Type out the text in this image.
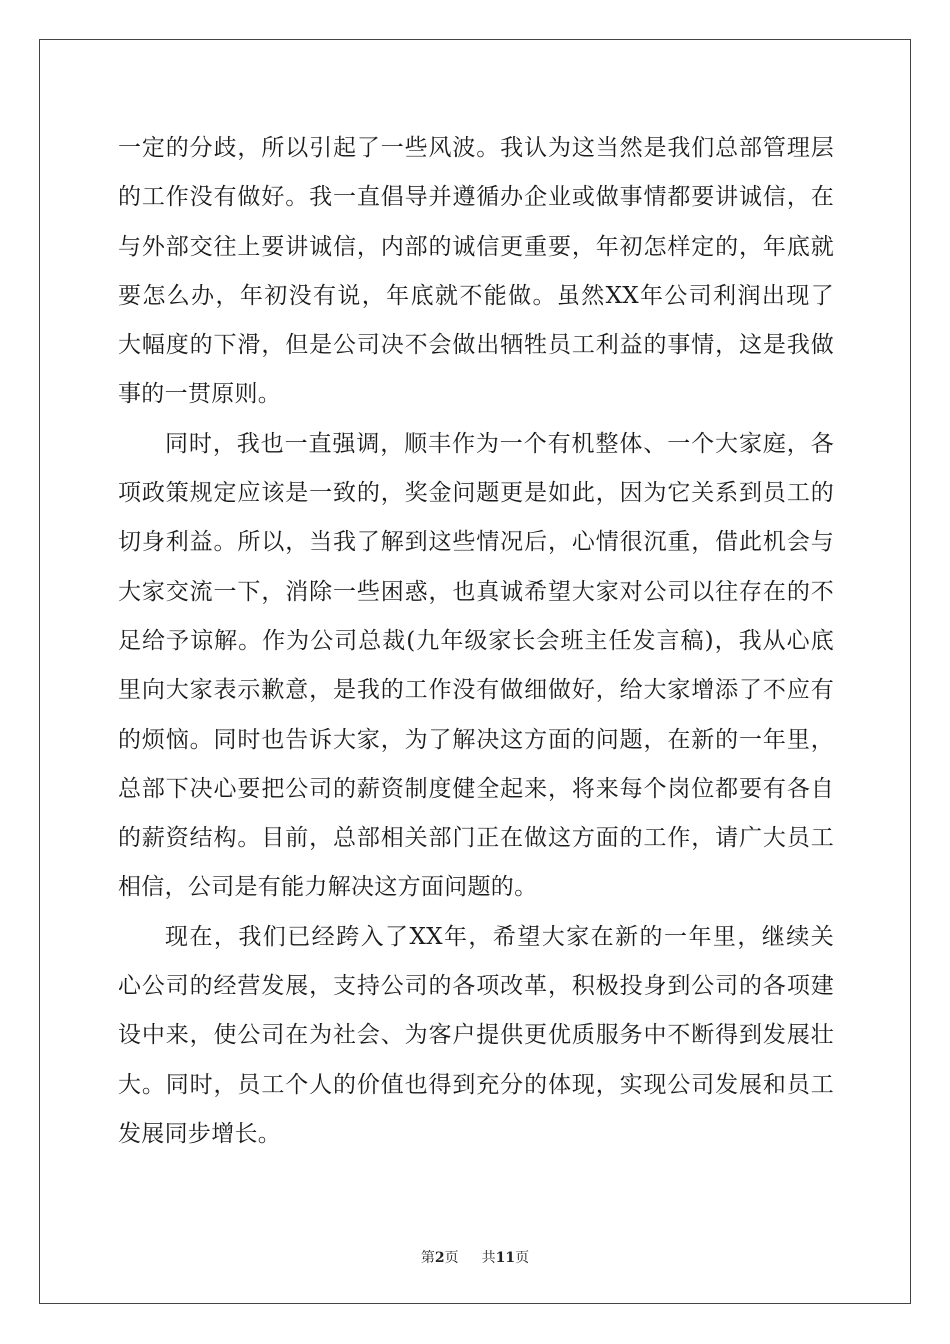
一定的分歧，所以引起了一些风波。我认为这当然是我们总部管理层
的工作没有做好。我一直倡导并遵循办企业或做事情都要讲诚信，在
与外部交往上要讲诚信，内部的诚信更重要，年初怎样定的，年底就
要怎么办，年初没有说，年底就不能做。虽然XX年公司利润出现了
大幅度的下滑，但是公司决不会做出牺牲员工利益的事情，这是我做
事的一贯原则。
同时，我也一直强调，顺丰作为一个有机整体、一个大家庭，各
项政策规定应该是一致的，奖金问题更是如此，因为它关系到员工的
切身利益。所以，当我了解到这些情况后，心情很沉重，借此机会与
大家交流一下，消除一些困惑，也真诚希望大家对公司以往存在的不
足给予谅解。作为公司总裁(九年级家长会班主任发言稿)，我从心底
里向大家表示歉意，是我的工作没有做细做好，给大家增添了不应有
的烦恼。同时也告诉大家，为了解决这方面的问题，在新的一年里，
总部下决心要把公司的薪资制度健全起来，将来每个岗位都要有各自
的薪资结构。目前，总部相关部门正在做这方面的工作，请广大员工
相信，公司是有能力解决这方面问题的。
现在，我们已经跨入了XX年，希望大家在新的一年里，继续关
心公司的经营发展，支持公司的各项改革，积极投身到公司的各项建
设中来，使公司在为社会、为客户提供更优质服务中不断得到发展壮
大。同时，员工个人的价值也得到充分的体现，实现公司发展和员工
发展同步增长。
第2页 共11页
